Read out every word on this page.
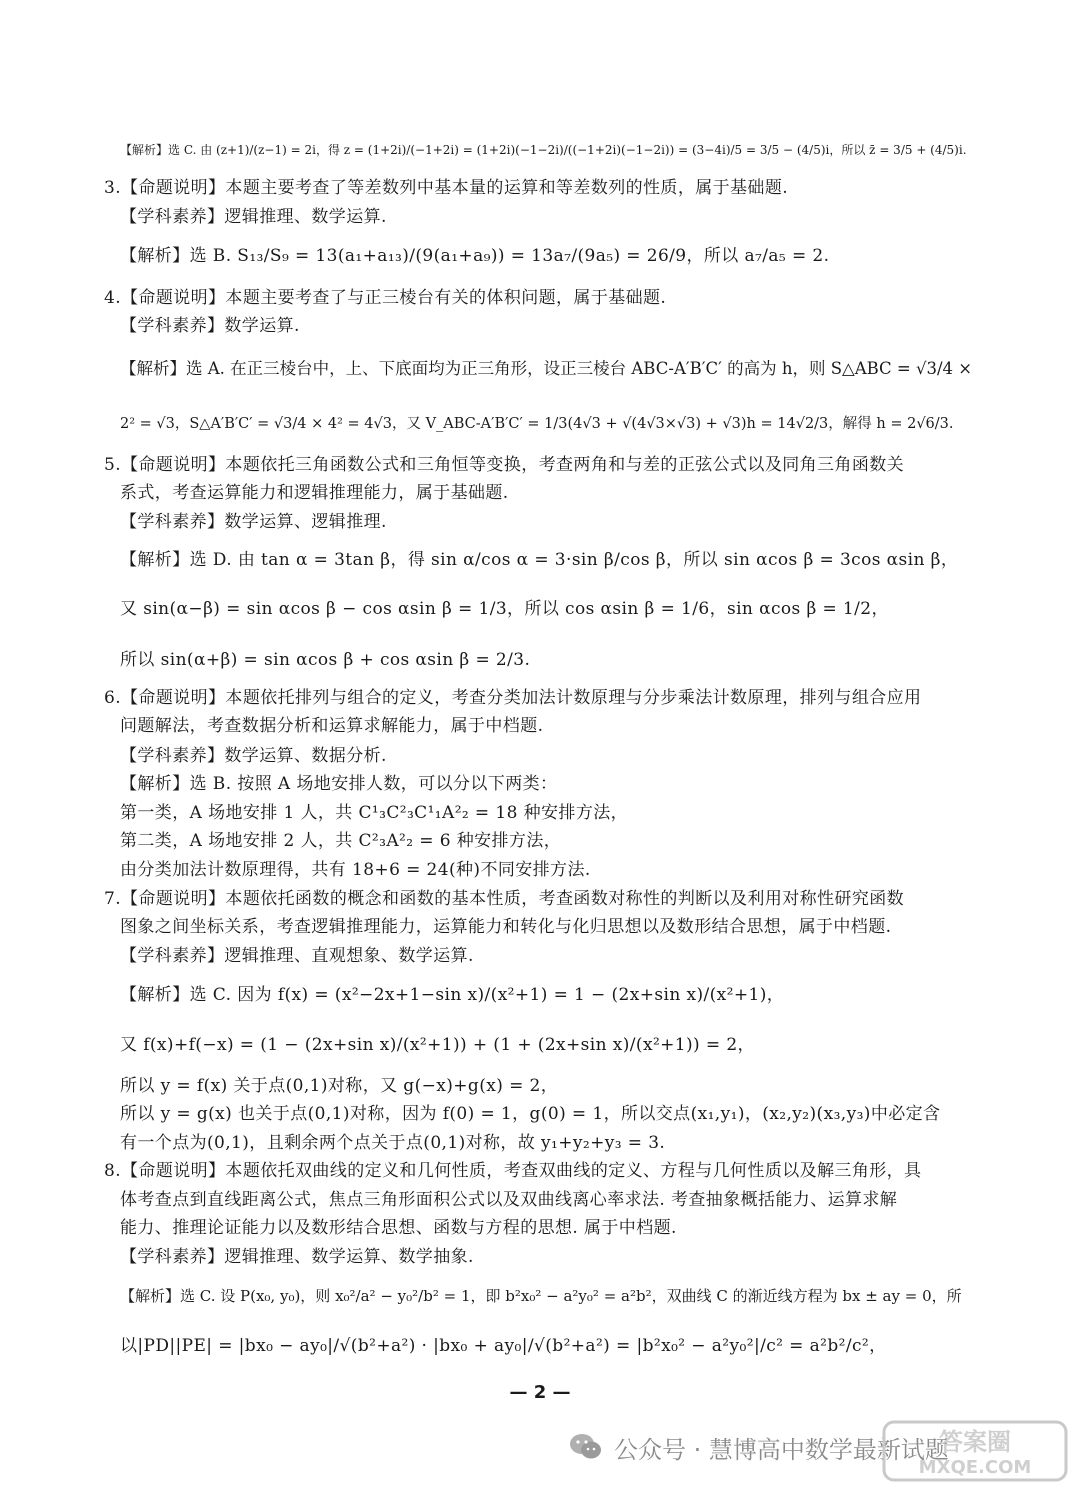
【解析】选 C. 由 (z+1)/(z−1) = 2i，得 z = (1+2i)/(−1+2i) = (1+2i)(−1−2i)/((−1+2i)(−1−2i)) = (3−4i)/5 = 3/5 − (4/5)i，所以 z̄ = 3/5 + (4/5)i.
3.【命题说明】本题主要考查了等差数列中基本量的运算和等差数列的性质，属于基础题.
【学科素养】逻辑推理、数学运算.
【解析】选 B. S₁₃/S₉ = 13(a₁+a₁₃)/(9(a₁+a₉)) = 13a₇/(9a₅) = 26/9，所以 a₇/a₅ = 2.
4.【命题说明】本题主要考查了与正三棱台有关的体积问题，属于基础题.
【学科素养】数学运算.
【解析】选 A. 在正三棱台中，上、下底面均为正三角形，设正三棱台 ABC-A′B′C′ 的高为 h，则 S△ABC = √3/4 ×
2² = √3，S△A′B′C′ = √3/4 × 4² = 4√3，又 V_ABC-A′B′C′ = 1/3(4√3 + √(4√3×√3) + √3)h = 14√2/3，解得 h = 2√6/3.
5.【命题说明】本题依托三角函数公式和三角恒等变换，考查两角和与差的正弦公式以及同角三角函数关
系式，考查运算能力和逻辑推理能力，属于基础题.
【学科素养】数学运算、逻辑推理.
【解析】选 D. 由 tan α = 3tan β，得 sin α/cos α = 3·sin β/cos β，所以 sin αcos β = 3cos αsin β，
又 sin(α−β) = sin αcos β − cos αsin β = 1/3，所以 cos αsin β = 1/6，sin αcos β = 1/2，
所以 sin(α+β) = sin αcos β + cos αsin β = 2/3.
6.【命题说明】本题依托排列与组合的定义，考查分类加法计数原理与分步乘法计数原理，排列与组合应用
问题解法，考查数据分析和运算求解能力，属于中档题.
【学科素养】数学运算、数据分析.
【解析】选 B. 按照 A 场地安排人数，可以分以下两类：
第一类，A 场地安排 1 人，共 C¹₃C²₃C¹₁A²₂ = 18 种安排方法，
第二类，A 场地安排 2 人，共 C²₃A²₂ = 6 种安排方法，
由分类加法计数原理得，共有 18+6 = 24(种)不同安排方法.
7.【命题说明】本题依托函数的概念和函数的基本性质，考查函数对称性的判断以及利用对称性研究函数
图象之间坐标关系，考查逻辑推理能力，运算能力和转化与化归思想以及数形结合思想，属于中档题.
【学科素养】逻辑推理、直观想象、数学运算.
【解析】选 C. 因为 f(x) = (x²−2x+1−sin x)/(x²+1) = 1 − (2x+sin x)/(x²+1)，
又 f(x)+f(−x) = (1 − (2x+sin x)/(x²+1)) + (1 + (2x+sin x)/(x²+1)) = 2，
所以 y = f(x) 关于点(0,1)对称，又 g(−x)+g(x) = 2，
所以 y = g(x) 也关于点(0,1)对称，因为 f(0) = 1，g(0) = 1，所以交点(x₁,y₁)，(x₂,y₂)(x₃,y₃)中必定含
有一个点为(0,1)，且剩余两个点关于点(0,1)对称，故 y₁+y₂+y₃ = 3.
8.【命题说明】本题依托双曲线的定义和几何性质，考查双曲线的定义、方程与几何性质以及解三角形，具
体考查点到直线距离公式，焦点三角形面积公式以及双曲线离心率求法. 考查抽象概括能力、运算求解
能力、推理论证能力以及数形结合思想、函数与方程的思想. 属于中档题.
【学科素养】逻辑推理、数学运算、数学抽象.
【解析】选 C. 设 P(x₀, y₀)，则 x₀²/a² − y₀²/b² = 1，即 b²x₀² − a²y₀² = a²b²，双曲线 C 的渐近线方程为 bx ± ay = 0，所
以|PD||PE| = |bx₀ − ay₀|/√(b²+a²) · |bx₀ + ay₀|/√(b²+a²) = |b²x₀² − a²y₀²|/c² = a²b²/c²，
— 2 —
公众号 · 慧博高中数学最新试题
答案圈
MXQE.COM
